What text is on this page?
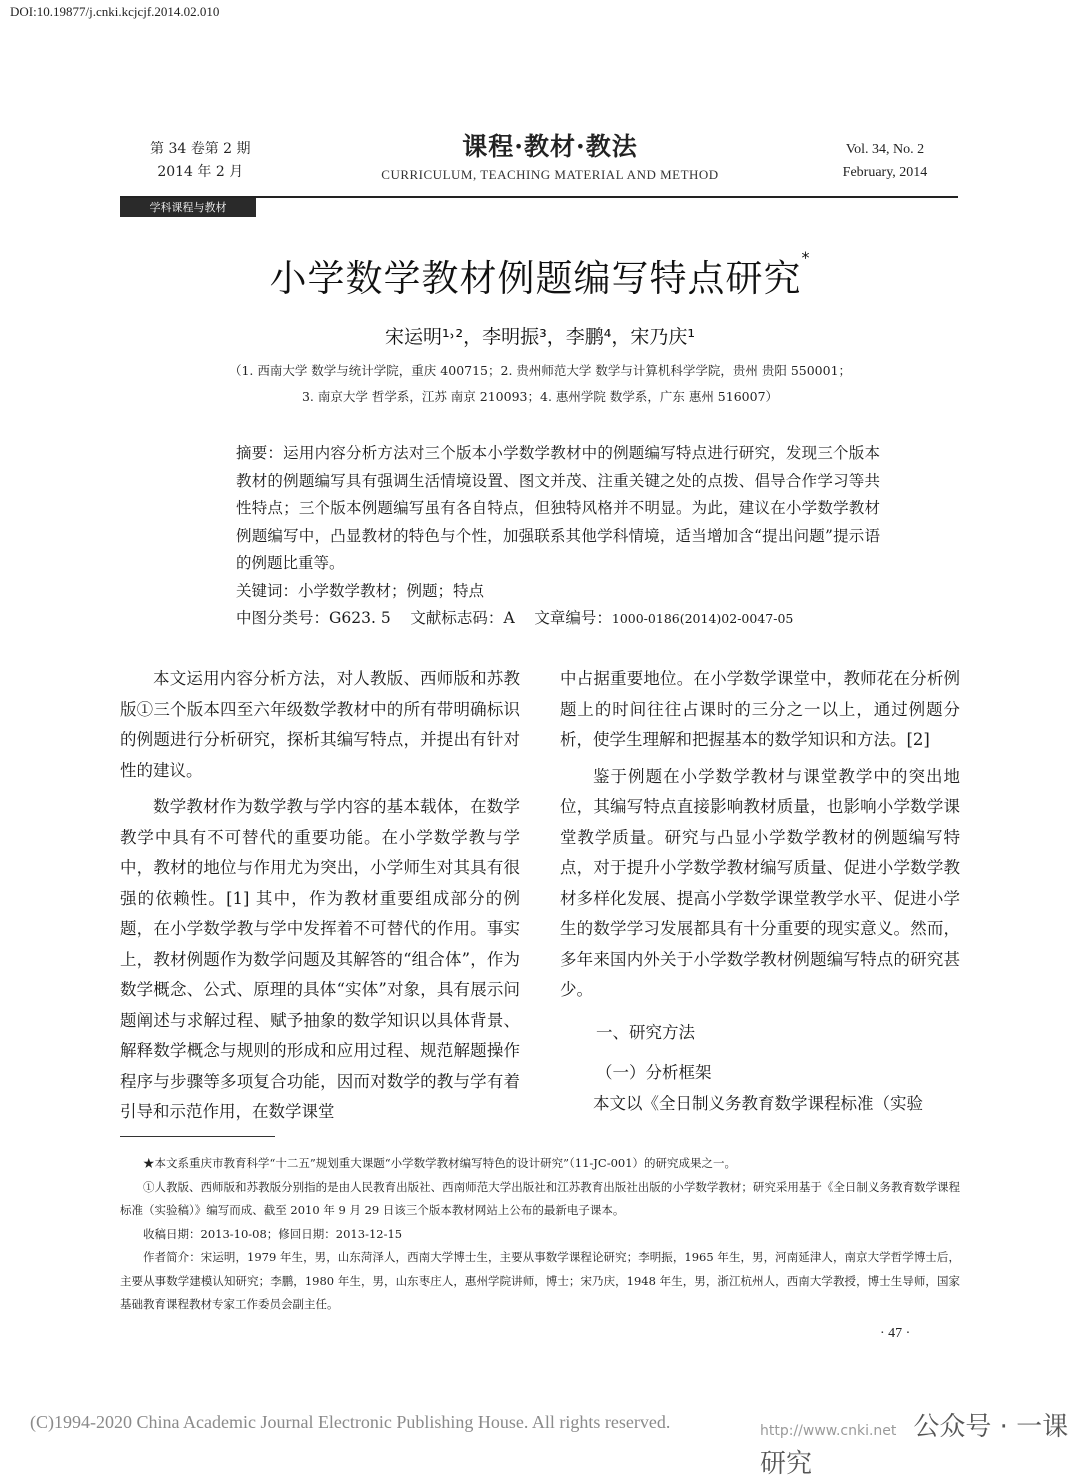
DOI:10.19877/j.cnki.kcjcjf.2014.02.010
第 34 卷第 2 期
2014 年 2 月
课程·教材·教法
CURRICULUM, TEACHING MATERIAL AND METHOD
Vol. 34, No. 2
February, 2014
学科课程与教材
小学数学教材例题编写特点研究*
宋运明¹˒²，李明振³，李鹏⁴，宋乃庆¹
（1. 西南大学 数学与统计学院，重庆 400715；2. 贵州师范大学 数学与计算机科学学院，贵州 贵阳 550001；
3. 南京大学 哲学系，江苏 南京 210093；4. 惠州学院 数学系，广东 惠州 516007）
摘要：运用内容分析方法对三个版本小学数学教材中的例题编写特点进行研究，发现三个版本教材的例题编写具有强调生活情境设置、图文并茂、注重关键之处的点拨、倡导合作学习等共性特点；三个版本例题编写虽有各自特点，但独特风格并不明显。为此，建议在小学数学教材例题编写中，凸显教材的特色与个性，加强联系其他学科情境，适当增加含“提出问题”提示语的例题比重等。
关键词：小学数学教材；例题；特点
中图分类号：G623. 5 文献标志码：A 文章编号：1000-0186(2014)02-0047-05

本文运用内容分析方法，对人教版、西师版和苏教版①三个版本四至六年级数学教材中的所有带明确标识的例题进行分析研究，探析其编写特点，并提出有针对性的建议。

数学教材作为数学教与学内容的基本载体，在数学教学中具有不可替代的重要功能。在小学数学教与学中，教材的地位与作用尤为突出，小学师生对其具有很强的依赖性。[1] 其中，作为教材重要组成部分的例题，在小学数学教与学中发挥着不可替代的作用。事实上，教材例题作为数学问题及其解答的“组合体”，作为数学概念、公式、原理的具体“实体”对象，具有展示问题阐述与求解过程、赋予抽象的数学知识以具体背景、解释数学概念与规则的形成和应用过程、规范解题操作程序与步骤等多项复合功能，因而对数学的教与学有着引导和示范作用，在数学课堂

中占据重要地位。在小学数学课堂中，教师花在分析例题上的时间往往占课时的三分之一以上，通过例题分析，使学生理解和把握基本的数学知识和方法。[2]

鉴于例题在小学数学教材与课堂教学中的突出地位，其编写特点直接影响教材质量，也影响小学数学课堂教学质量。研究与凸显小学数学教材的例题编写特点，对于提升小学数学教材编写质量、促进小学数学教材多样化发展、提高小学数学课堂教学水平、促进小学生的数学学习发展都具有十分重要的现实意义。然而，多年来国内外关于小学数学教材例题编写特点的研究甚少。

一、研究方法
（一）分析框架

本文以《全日制义务教育数学课程标准（实验

★本文系重庆市教育科学“十二五”规划重大课题“小学数学教材编写特色的设计研究”（11-JC-001）的研究成果之一。

①人教版、西师版和苏教版分别指的是由人民教育出版社、西南师范大学出版社和江苏教育出版社出版的小学数学教材；研究采用基于《全日制义务教育数学课程标准（实验稿）》编写而成、截至 2010 年 9 月 29 日该三个版本教材网站上公布的最新电子课本。

收稿日期：2013-10-08；修回日期：2013-12-15

作者简介：宋运明，1979 年生，男，山东菏泽人，西南大学博士生，主要从事数学课程论研究；李明振，1965 年生，男，河南延津人，南京大学哲学博士后，主要从事数学建模认知研究；李鹏，1980 年生，男，山东枣庄人，惠州学院讲师，博士；宋乃庆，1948 年生，男，浙江杭州人，西南大学教授，博士生导师，国家基础教育课程教材专家工作委员会副主任。

· 47 ·
(C)1994-2020 China Academic Journal Electronic Publishing House. All rights reserved.	http://www.cnki.net 公众号 · 一课研究
